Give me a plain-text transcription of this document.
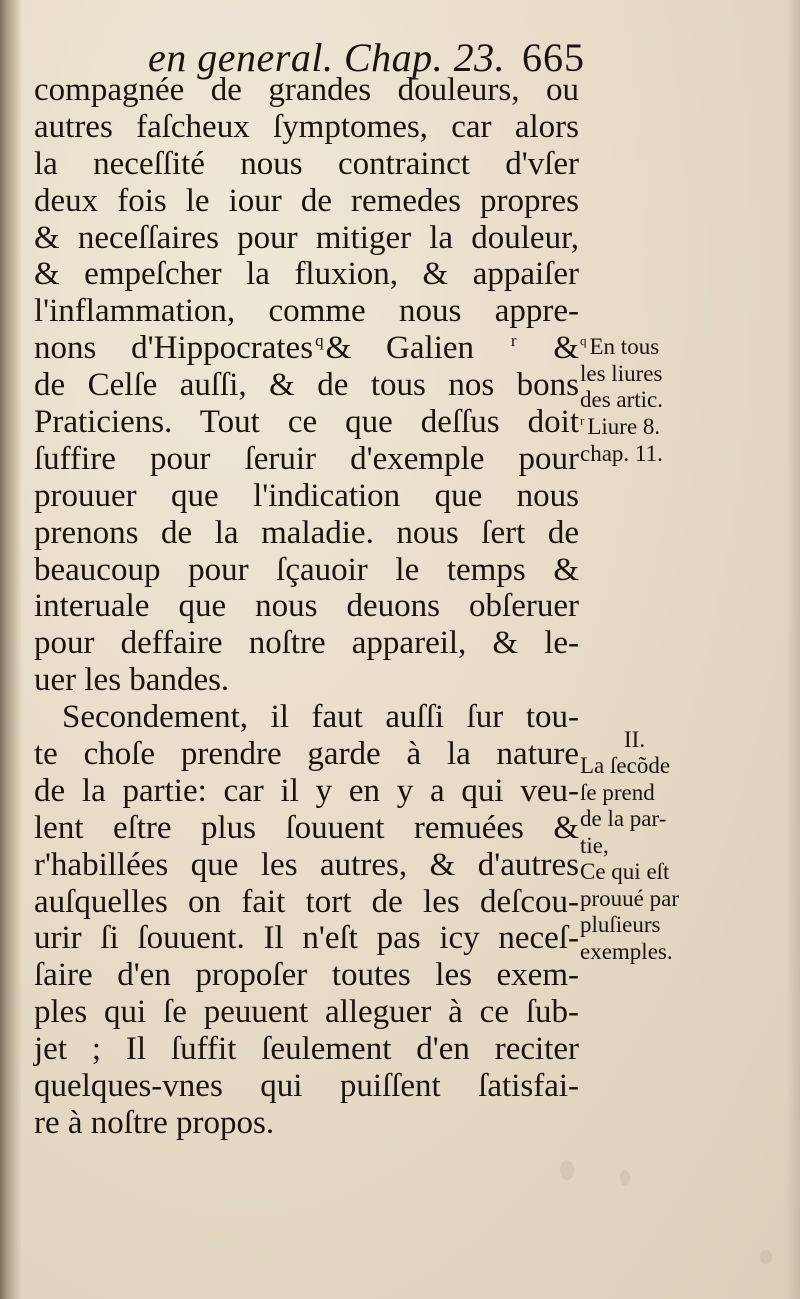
en general. Chap. 23. 665
compagnée de grandes douleurs, ou
autres faſcheux ſymptomes, car alors
la neceſſité nous contrainct d'vſer
deux fois le iour de remedes propres
& neceſſaires pour mitiger la douleur,
& empeſcher la fluxion, & appaiſer
l'inflammation, comme nous appre-
nons d'Hippocrates $^q$& Galien $^r$ &
de Celſe auſſi, & de tous nos bons
Praticiens. Tout ce que deſſus doit
ſuffire pour ſeruir d'exemple pour
prouuer que l'indication que nous
prenons de la maladie. nous ſert de
beaucoup pour ſçauoir le temps &
interuale que nous deuons obſeruer
pour deffaire noſtre appareil, & le-
uer les bandes.
Secondement, il faut auſſi ſur tou-
te choſe prendre garde à la nature
de la partie: car il y en y a qui veu-
lent eſtre plus ſouuent remuées &
r'habillées que les autres, & d'autres
auſquelles on fait tort de les deſcou-
urir ſi ſouuent. Il n'eſt pas icy neceſ-
ſaire d'en propoſer toutes les exem-
ples qui ſe peuuent alleguer à ce ſub-
jet ; Il ſuffit ſeulement d'en reciter
quelques-vnes qui puiſſent ſatisfai-
re à noſtre propos.
$^q$ En tous
les liures
des artic.
$^r$ Liure 8.
chap. 11.
II.
La ſecõde
ſe prend
de la par-
tie,
Ce qui eſt
prouué par
pluſieurs
exemples.
